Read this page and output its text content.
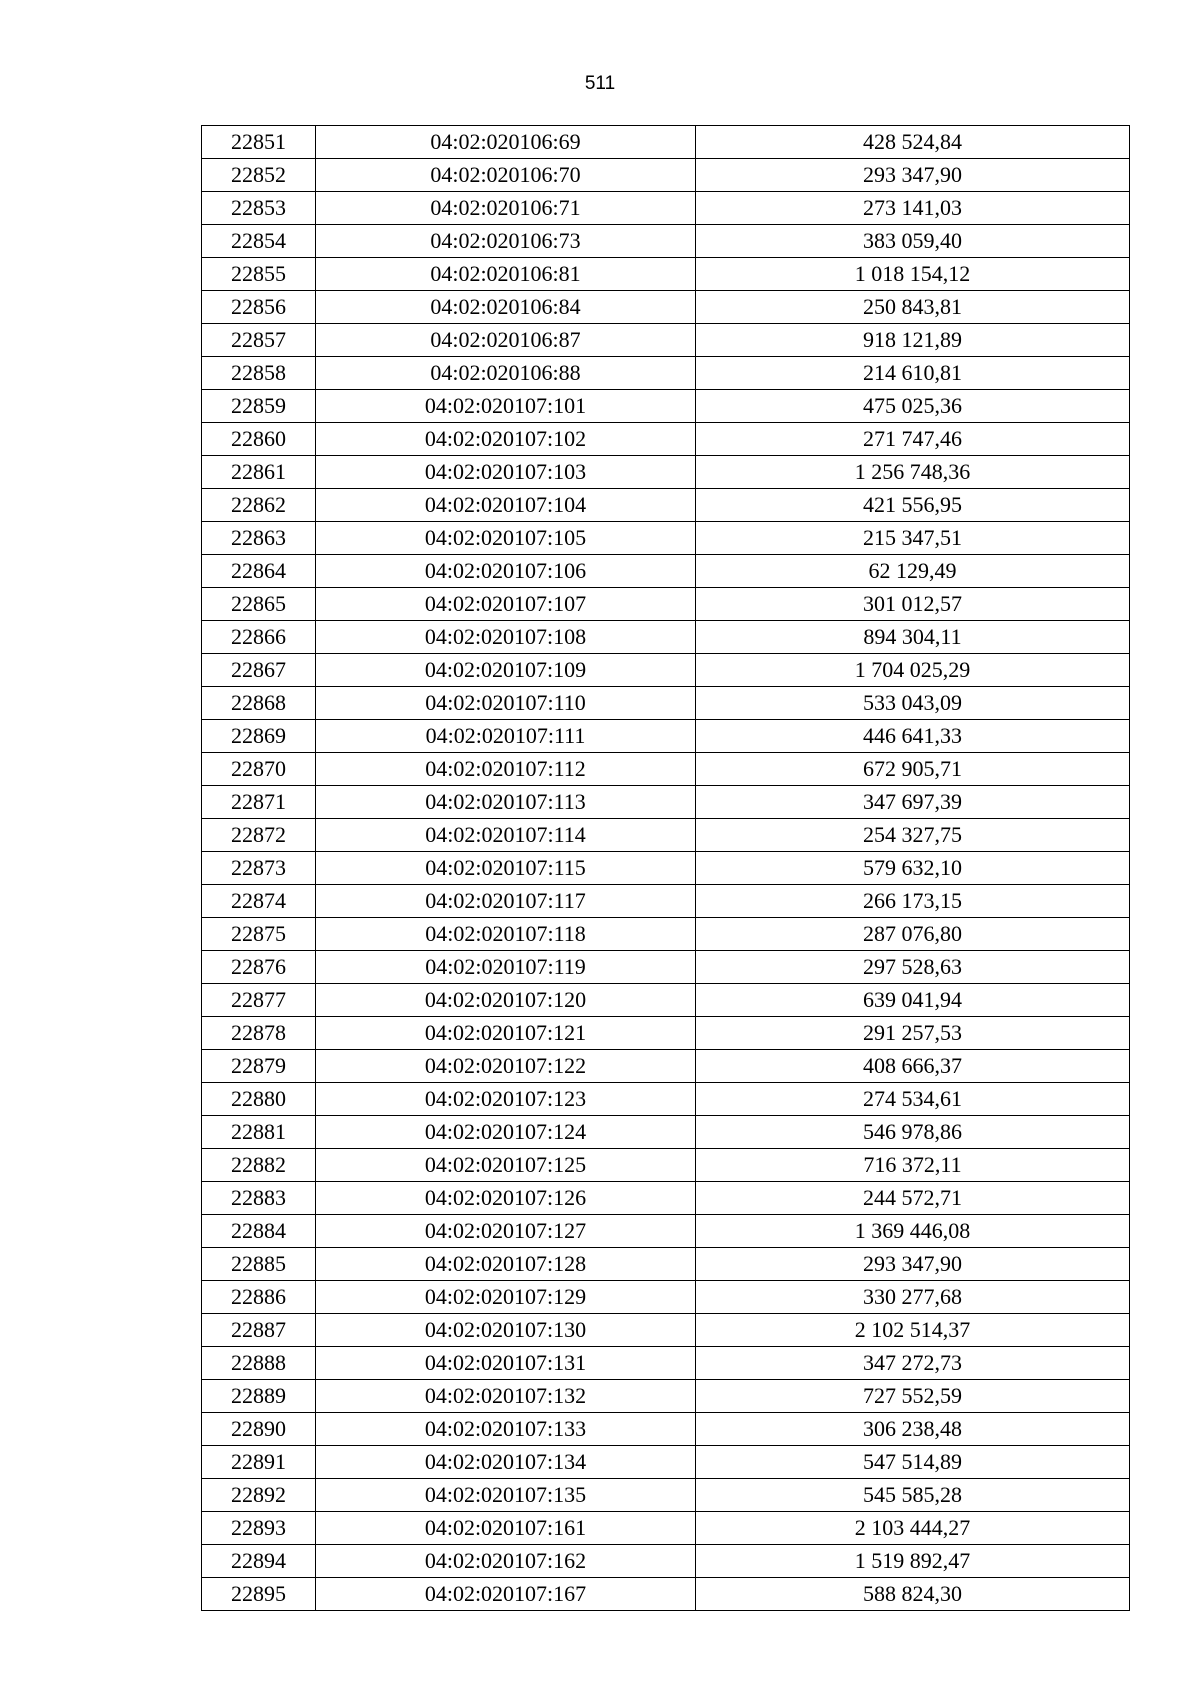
511
22851	04:02:020106:69	428 524,84
22852	04:02:020106:70	293 347,90
22853	04:02:020106:71	273 141,03
22854	04:02:020106:73	383 059,40
22855	04:02:020106:81	1 018 154,12
22856	04:02:020106:84	250 843,81
22857	04:02:020106:87	918 121,89
22858	04:02:020106:88	214 610,81
22859	04:02:020107:101	475 025,36
22860	04:02:020107:102	271 747,46
22861	04:02:020107:103	1 256 748,36
22862	04:02:020107:104	421 556,95
22863	04:02:020107:105	215 347,51
22864	04:02:020107:106	62 129,49
22865	04:02:020107:107	301 012,57
22866	04:02:020107:108	894 304,11
22867	04:02:020107:109	1 704 025,29
22868	04:02:020107:110	533 043,09
22869	04:02:020107:111	446 641,33
22870	04:02:020107:112	672 905,71
22871	04:02:020107:113	347 697,39
22872	04:02:020107:114	254 327,75
22873	04:02:020107:115	579 632,10
22874	04:02:020107:117	266 173,15
22875	04:02:020107:118	287 076,80
22876	04:02:020107:119	297 528,63
22877	04:02:020107:120	639 041,94
22878	04:02:020107:121	291 257,53
22879	04:02:020107:122	408 666,37
22880	04:02:020107:123	274 534,61
22881	04:02:020107:124	546 978,86
22882	04:02:020107:125	716 372,11
22883	04:02:020107:126	244 572,71
22884	04:02:020107:127	1 369 446,08
22885	04:02:020107:128	293 347,90
22886	04:02:020107:129	330 277,68
22887	04:02:020107:130	2 102 514,37
22888	04:02:020107:131	347 272,73
22889	04:02:020107:132	727 552,59
22890	04:02:020107:133	306 238,48
22891	04:02:020107:134	547 514,89
22892	04:02:020107:135	545 585,28
22893	04:02:020107:161	2 103 444,27
22894	04:02:020107:162	1 519 892,47
22895	04:02:020107:167	588 824,30
